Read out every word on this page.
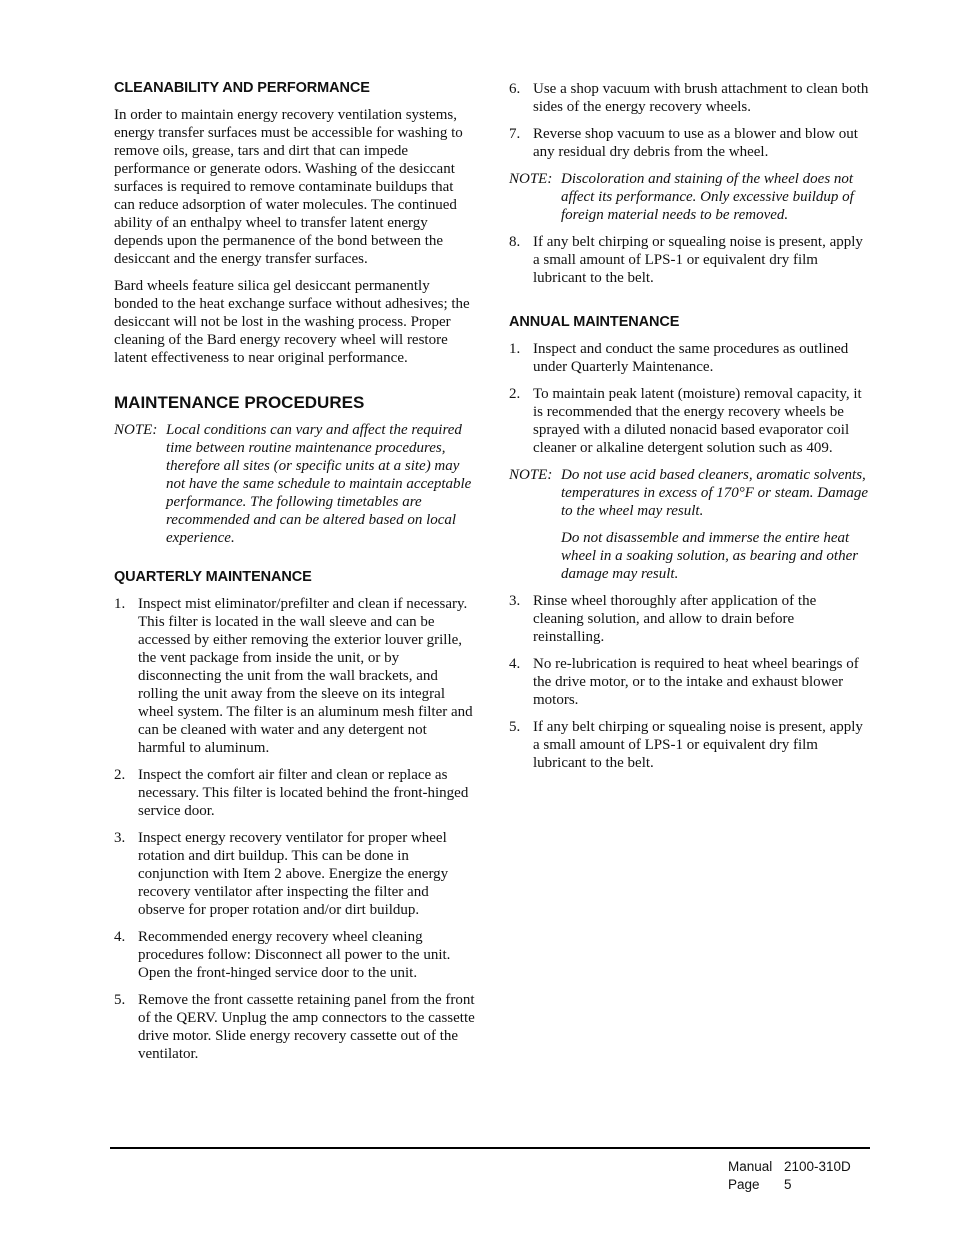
CLEANABILITY AND PERFORMANCE

In order to maintain energy recovery ventilation systems, energy transfer surfaces must be accessible for washing to remove oils, grease, tars and dirt that can impede performance or generate odors. Washing of the desiccant surfaces is required to remove contaminate buildups that can reduce adsorption of water molecules. The continued ability of an enthalpy wheel to transfer latent energy depends upon the permanence of the bond between the desiccant and the energy transfer surfaces.

Bard wheels feature silica gel desiccant permanently bonded to the heat exchange surface without adhesives; the desiccant will not be lost in the washing process. Proper cleaning of the Bard energy recovery wheel will restore latent effectiveness to near original performance.

MAINTENANCE PROCEDURES
NOTE: Local conditions can vary and affect the required time between routine maintenance procedures, therefore all sites (or specific units at a site) may not have the same schedule to maintain acceptable performance. The following timetables are recommended and can be altered based on local experience.
QUARTERLY MAINTENANCE
1. Inspect mist eliminator/prefilter and clean if necessary. This filter is located in the wall sleeve and can be accessed by either removing the exterior louver grille, the vent package from inside the unit, or by disconnecting the unit from the wall brackets, and rolling the unit away from the sleeve on its integral wheel system. The filter is an aluminum mesh filter and can be cleaned with water and any detergent not harmful to aluminum.
2. Inspect the comfort air filter and clean or replace as necessary. This filter is located behind the front-hinged service door.
3. Inspect energy recovery ventilator for proper wheel rotation and dirt buildup. This can be done in conjunction with Item 2 above. Energize the energy recovery ventilator after inspecting the filter and observe for proper rotation and/or dirt buildup.
4. Recommended energy recovery wheel cleaning procedures follow: Disconnect all power to the unit. Open the front-hinged service door to the unit.
5. Remove the front cassette retaining panel from the front of the QERV. Unplug the amp connectors to the cassette drive motor. Slide energy recovery cassette out of the ventilator.
6. Use a shop vacuum with brush attachment to clean both sides of the energy recovery wheels.
7. Reverse shop vacuum to use as a blower and blow out any residual dry debris from the wheel.
NOTE: Discoloration and staining of the wheel does not affect its performance. Only excessive buildup of foreign material needs to be removed.
8. If any belt chirping or squealing noise is present, apply a small amount of LPS-1 or equivalent dry film lubricant to the belt.
ANNUAL MAINTENANCE
1. Inspect and conduct the same procedures as outlined under Quarterly Maintenance.
2. To maintain peak latent (moisture) removal capacity, it is recommended that the energy recovery wheels be sprayed with a diluted nonacid based evaporator coil cleaner or alkaline detergent solution such as 409.
NOTE: Do not use acid based cleaners, aromatic solvents, temperatures in excess of 170°F or steam. Damage to the wheel may result.
Do not disassemble and immerse the entire heat wheel in a soaking solution, as bearing and other damage may result.
3. Rinse wheel thoroughly after application of the cleaning solution, and allow to drain before reinstalling.
4. No re-lubrication is required to heat wheel bearings of the drive motor, or to the intake and exhaust blower motors.
5. If any belt chirping or squealing noise is present, apply a small amount of LPS-1 or equivalent dry film lubricant to the belt.
Manual 2100-310D
Page	5
